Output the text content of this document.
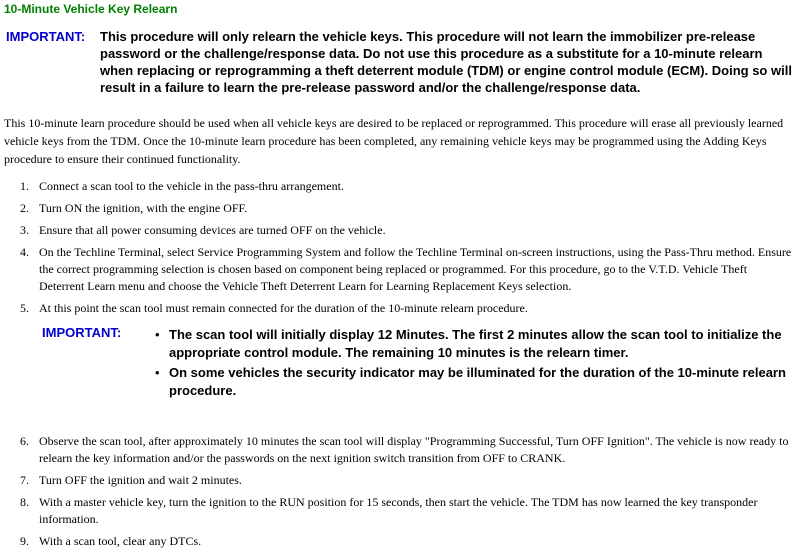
10-Minute Vehicle Key Relearn
IMPORTANT: This procedure will only relearn the vehicle keys. This procedure will not learn the immobilizer pre-release password or the challenge/response data. Do not use this procedure as a substitute for a 10-minute relearn when replacing or reprogramming a theft deterrent module (TDM) or engine control module (ECM). Doing so will result in a failure to learn the pre-release password and/or the challenge/response data.
This 10-minute learn procedure should be used when all vehicle keys are desired to be replaced or reprogrammed. This procedure will erase all previously learned vehicle keys from the TDM. Once the 10-minute learn procedure has been completed, any remaining vehicle keys may be programmed using the Adding Keys procedure to ensure their continued functionality.
1. Connect a scan tool to the vehicle in the pass-thru arrangement.
2. Turn ON the ignition, with the engine OFF.
3. Ensure that all power consuming devices are turned OFF on the vehicle.
4. On the Techline Terminal, select Service Programming System and follow the Techline Terminal on-screen instructions, using the Pass-Thru method. Ensure the correct programming selection is chosen based on component being replaced or programmed. For this procedure, go to the V.T.D. Vehicle Theft Deterrent Learn menu and choose the Vehicle Theft Deterrent Learn for Learning Replacement Keys selection.
5. At this point the scan tool must remain connected for the duration of the 10-minute relearn procedure.
IMPORTANT:	• The scan tool will initially display 12 Minutes. The first 2 minutes allow the scan tool to initialize the appropriate control module. The remaining 10 minutes is the relearn timer.
• On some vehicles the security indicator may be illuminated for the duration of the 10-minute relearn procedure.
6. Observe the scan tool, after approximately 10 minutes the scan tool will display "Programming Successful, Turn OFF Ignition". The vehicle is now ready to relearn the key information and/or the passwords on the next ignition switch transition from OFF to CRANK.
7. Turn OFF the ignition and wait 2 minutes.
8. With a master vehicle key, turn the ignition to the RUN position for 15 seconds, then start the vehicle. The TDM has now learned the key transponder information.
9. With a scan tool, clear any DTCs.
